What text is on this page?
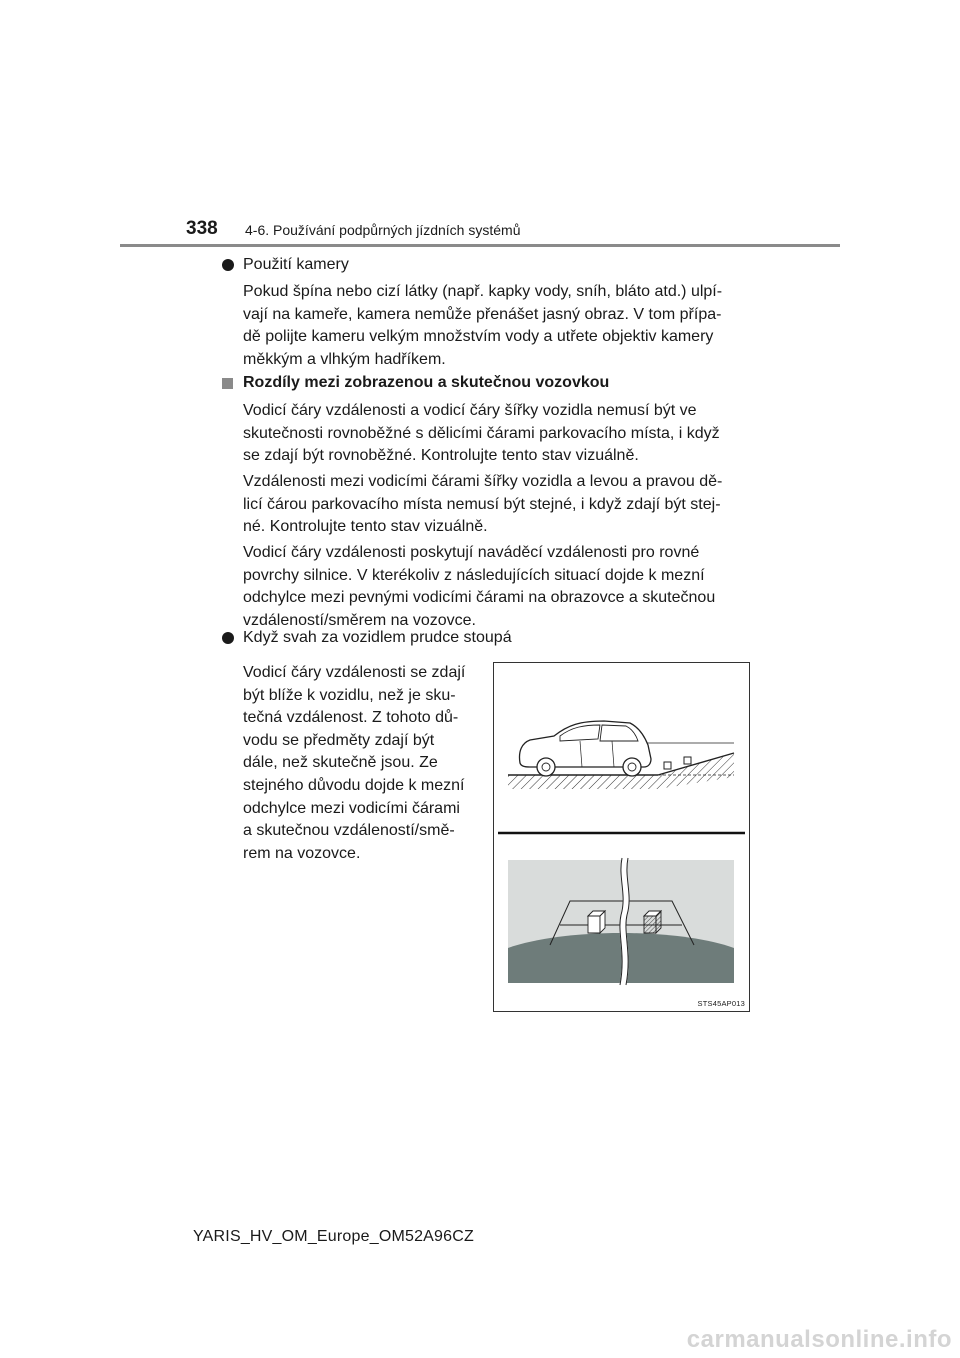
338 4-6. Používání podpůrných jízdních systémů
Použití kamery
Pokud špína nebo cizí látky (např. kapky vody, sníh, bláto atd.) ulpí-
vají na kameře, kamera nemůže přenášet jasný obraz. V tom přípa-
dě polijte kameru velkým množstvím vody a utřete objektiv kamery
měkkým a vlhkým hadříkem.
Rozdíly mezi zobrazenou a skutečnou vozovkou
Vodicí čáry vzdálenosti a vodicí čáry šířky vozidla nemusí být ve
skutečnosti rovnoběžné s dělicími čárami parkovacího místa, i když
se zdají být rovnoběžné. Kontrolujte tento stav vizuálně.
Vzdálenosti mezi vodicími čárami šířky vozidla a levou a pravou dě-
licí čárou parkovacího místa nemusí být stejné, i když zdají být stej-
né. Kontrolujte tento stav vizuálně.
Vodicí čáry vzdálenosti poskytují naváděcí vzdálenosti pro rovné
povrchy silnice. V kterékoliv z následujících situací dojde k mezní
odchylce mezi pevnými vodicími čárami na obrazovce a skutečnou
vzdáleností/směrem na vozovce.
Když svah za vozidlem prudce stoupá
Vodicí čáry vzdálenosti se zdají
být blíže k vozidlu, než je sku-
tečná vzdálenost. Z tohoto dů-
vodu se předměty zdají být
dále, než skutečně jsou. Ze
stejného důvodu dojde k mezní
odchylce mezi vodicími čárami
a skutečnou vzdáleností/smě-
rem na vozovce.
STS45AP013
YARIS_HV_OM_Europe_OM52A96CZ
carmanualsonline.info
